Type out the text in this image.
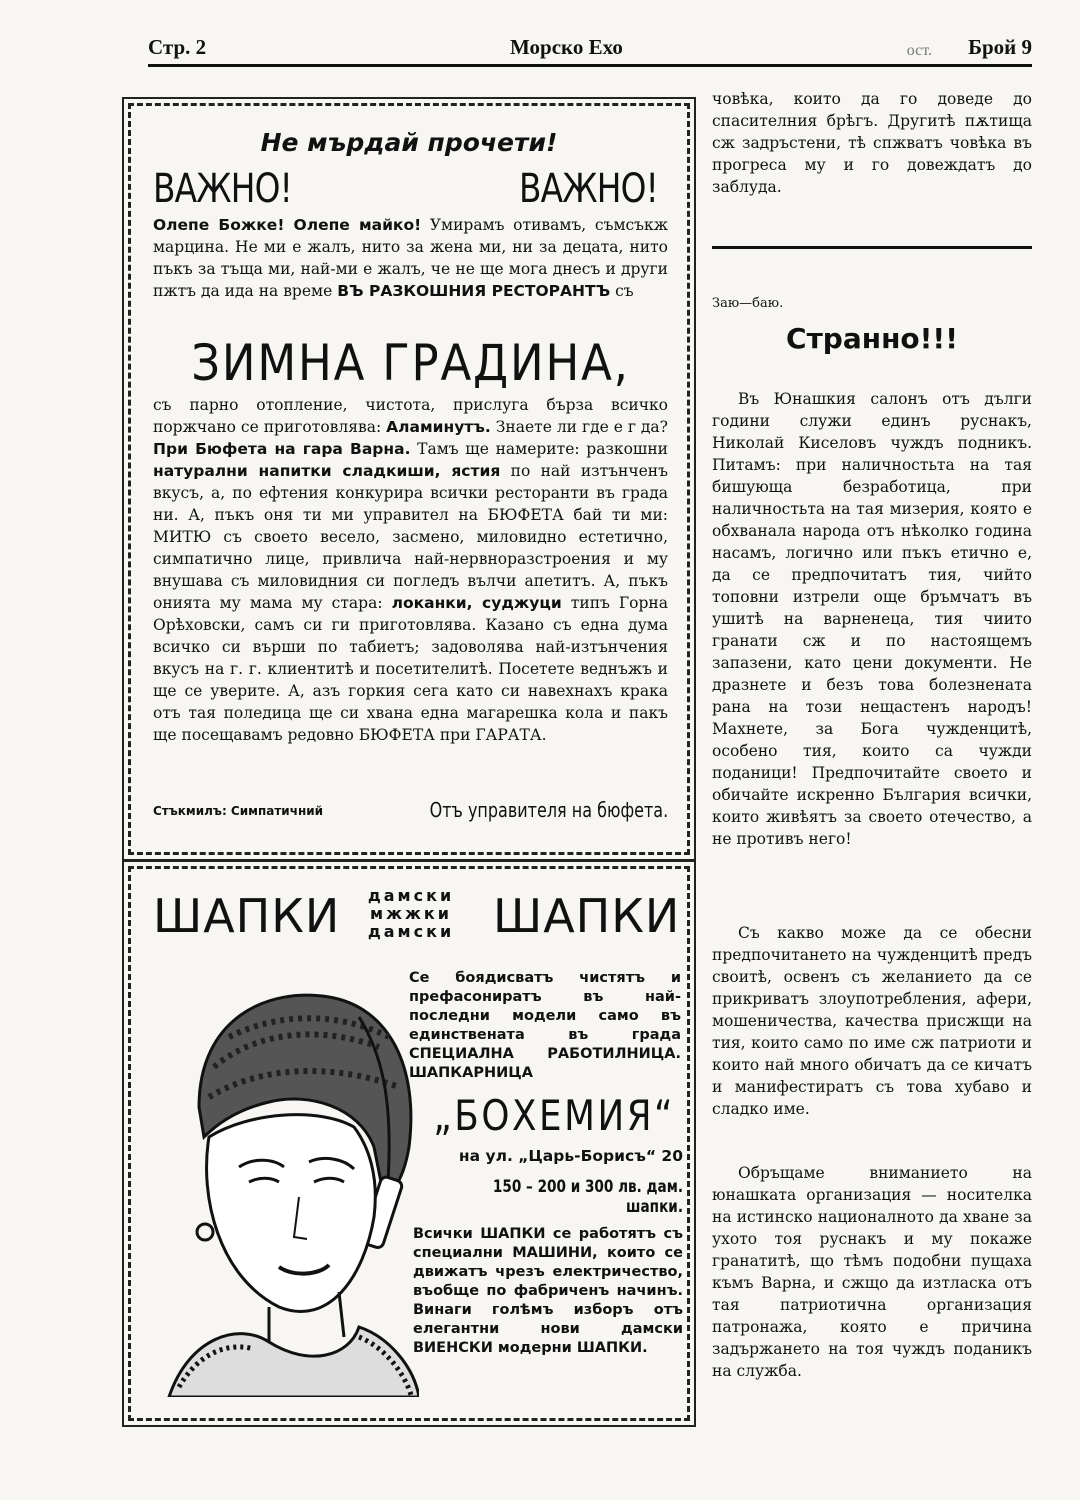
Стр. 2	Морско Ехо	ост. Брой 9
Не мърдай прочети!
ВАЖНО!	ВАЖНО!
Олепе Божке! Олепе майко! Умирамъ отивамъ, съмсъкж марцина. Не ми е жалъ, нито за жена ми, ни за децата, нито пъкъ за тъща ми, най-ми е жалъ, че не ще мога днесъ и други пжтъ да ида на време ВЪ РАЗКОШНИЯ РЕСТОРАНТЪ съ
ЗИМНА ГРАДИНА,
съ парно отопление, чистота, прислуга бърза всичко поржчано се приготовлява: Аламинутъ. Знаете ли где е г да? При Бюфета на гара Варна. Тамъ ще намерите: разкошни натурални напитки сладкиши, ястия по най изтънченъ вкусъ, а, по ефтения конкурира всички ресторанти въ града ни. А, пъкъ оня ти ми управител на БЮФЕТА бай ти ми: МИТЮ съ своето весело, засмено, миловидно естетично, симпатично лице, привлича най-нервноразстроения и му внушава съ миловидния си погледъ вълчи апетитъ. А, пъкъ онията му мама му стара: локанки, суджуци типъ Горна Орѣховски, самъ си ги приготовлява. Казано съ една дума всичко си върши по табиетъ; задоволява най-изтънчения вкусъ на г. г. клиентитѣ и посетителитѣ. Посетете веднъжъ и ще се уверите. А, азъ горкия сега като си навехнахъ крака отъ тая поледица ще си хвана една магарешка кола и пакъ ще посещавамъ редовно БЮФЕТА при ГАРАТА.
Стъкмилъ: Симпатичний	Отъ управителя на бюфета.
ШАПКИ	дамски
мжжки
дамски ШАПКИ
Се боядисватъ чистятъ и префасониратъ въ най-последни модели само въ единствената въ града СПЕЦИАЛНА РАБОТИЛНИЦА. ШАПКАРНИЦА
„БОХЕМИЯ“
на ул. „Царь-Борисъ“ 20
150 – 200 и 300 лв. дам. шапки.
Всички ШАПКИ се работятъ съ специални МАШИНИ, които се движатъ чрезъ електричество, въобще по фабриченъ начинъ. Винаги голѣмъ изборъ отъ елегантни нови дамски ВИЕНСКИ модерни ШАПКИ.
човѣка, които да го доведе до спасителния брѣгъ. Другитѣ пѫтища сж задръстени, тѣ спжватъ човѣка въ прогреса му и го довеждатъ до заблуда.
Заю—баю.
Странно!!!
Въ Юнашкия салонъ отъ дълги години служи единъ руснакъ, Николай Киселовъ чуждъ подникъ. Питамъ: при наличностьта на тая бишующа безработица, при наличностьта на тая мизерия, която е обхванала народа отъ нѣколко година насамъ, логично или пъкъ етично е, да се предпочитатъ тия, чийто топовни изтрели още бръмчатъ въ ушитѣ на варненеца, тия чиито гранати сж и по настоящемъ запазени, като цени документи. Не дразнете и безъ това болезнената рана на този нещастенъ народъ! Махнете, за Бога чужденцитѣ, особено тия, които са чужди поданици! Предпочитайте своето и обичайте искренно България всички, които живѣятъ за своето отечество, а не противъ него!
Съ какво може да се обесни предпочитането на чужденцитѣ предъ своитѣ, освенъ съ желанието да се прикриватъ злоупотребления, афери, мошеничества, качества присжщи на тия, които само по име сж патриоти и които най много обичатъ да се кичатъ и манифестиратъ съ това хубаво и сладко име.
Обръщаме вниманието на юнашката организация — носителка на истинско националното да хване за ухото тоя руснакъ и му покаже гранатитѣ, що тѣмъ подобни пущаха къмъ Варна, и сжщо да изтласка отъ тая патриотична организация патронажа, която е причина задържането на тоя чуждъ поданикъ на служба.
